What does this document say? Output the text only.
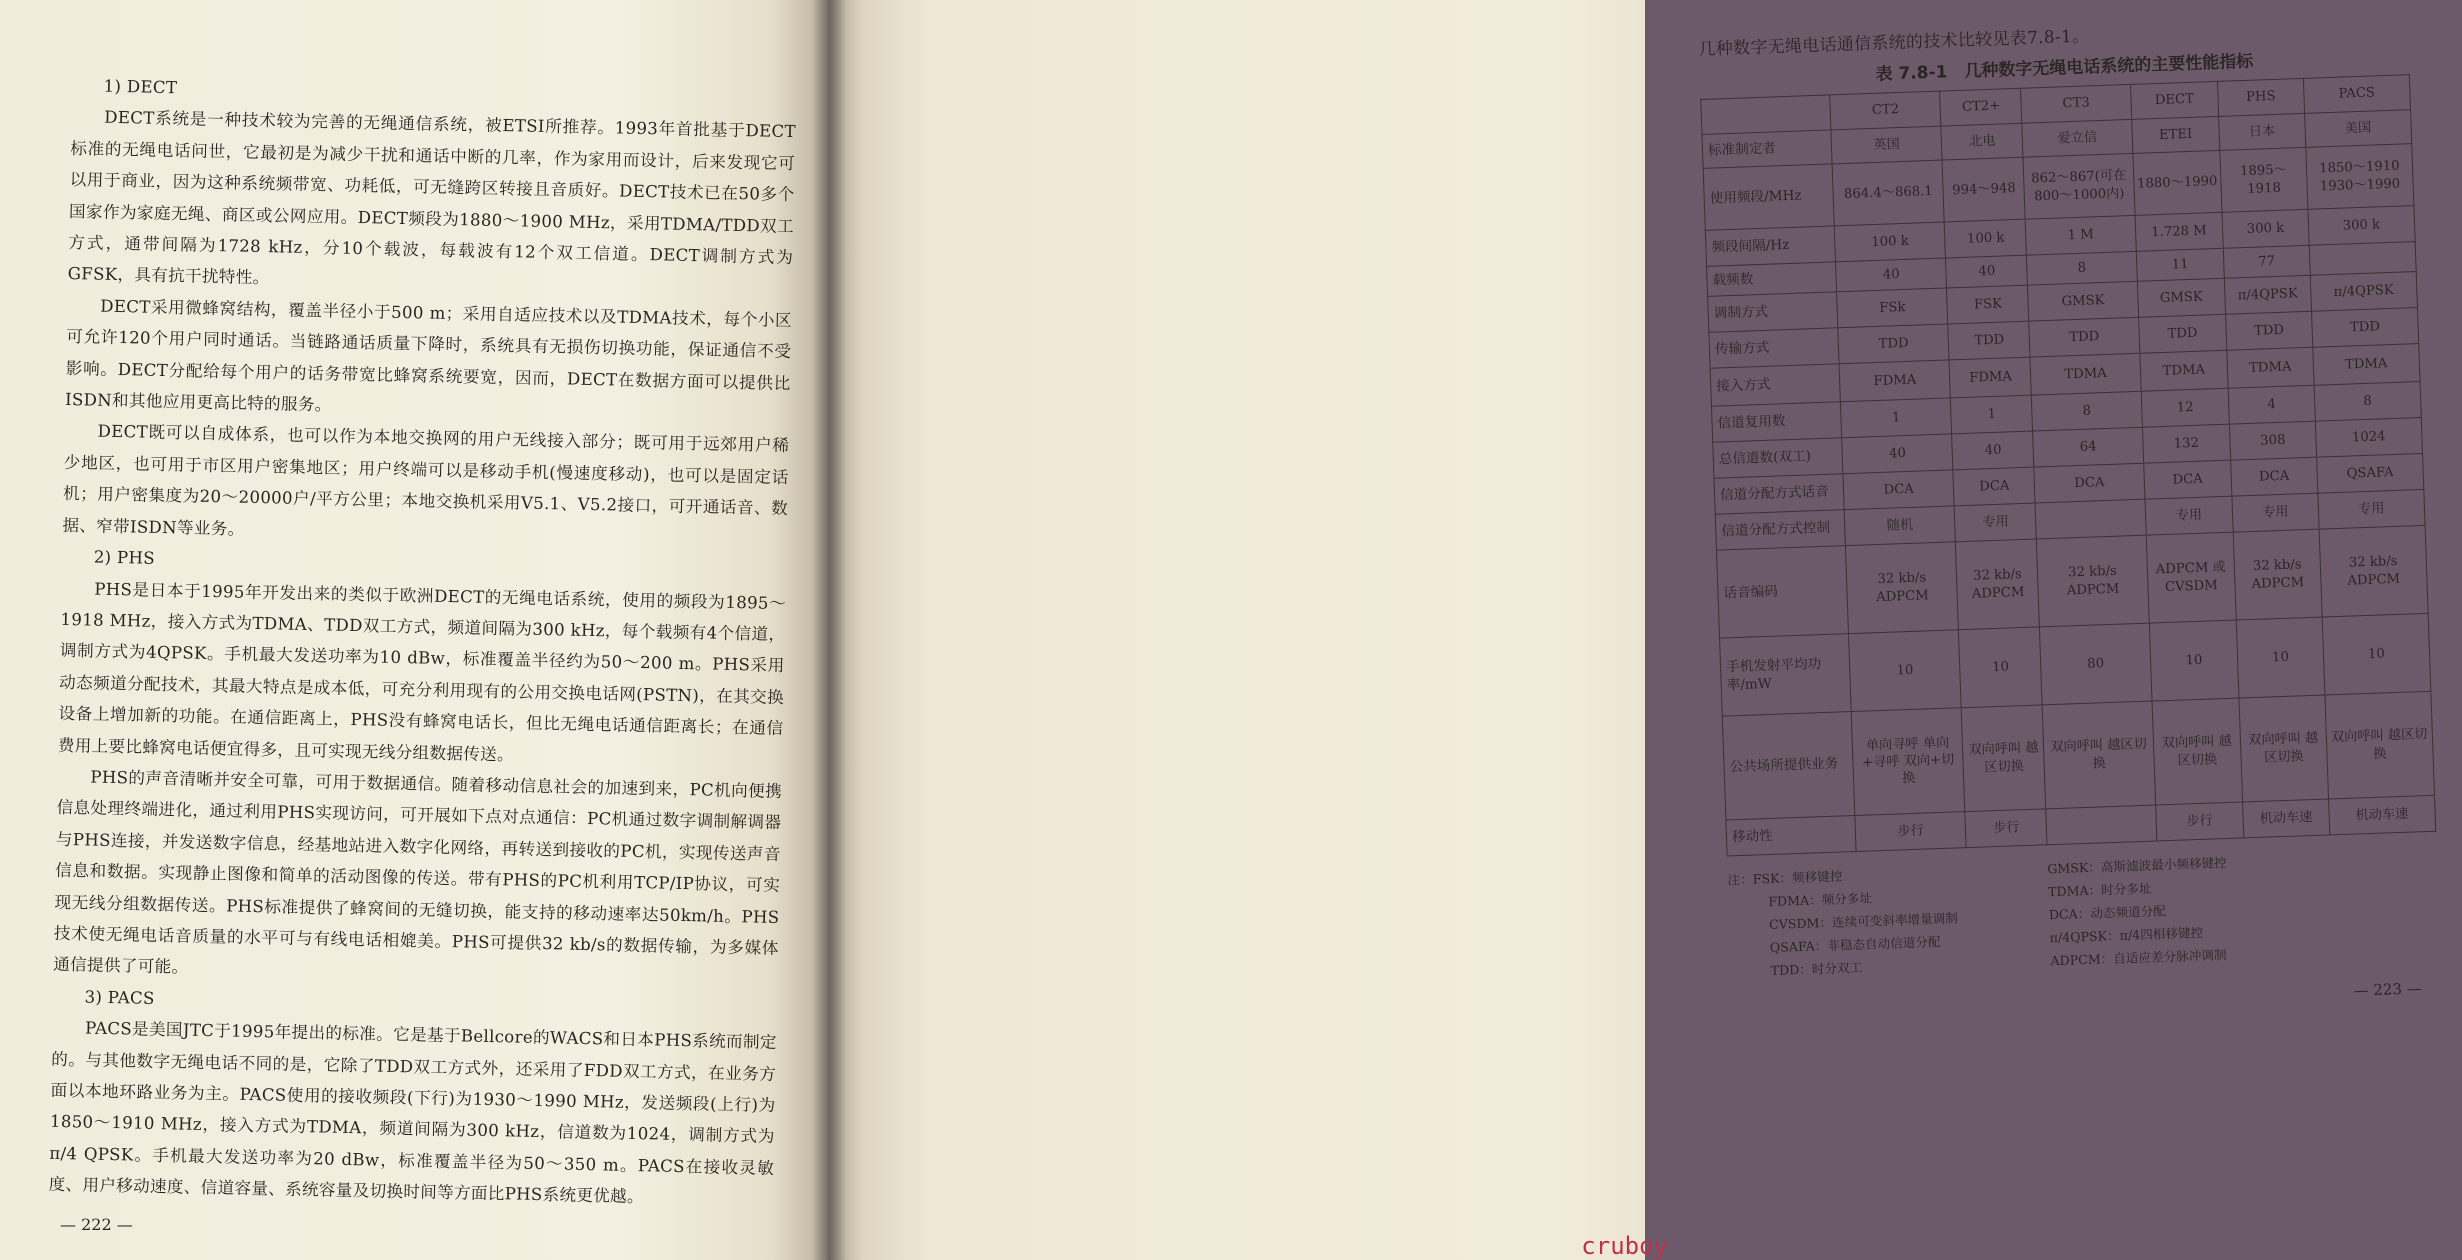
1) DECT

DECT系统是一种技术较为完善的无绳通信系统，被ETSI所推荐。1993年首批基于DECT标准的无绳电话问世，它最初是为减少干扰和通话中断的几率，作为家用而设计，后来发现它可以用于商业，因为这种系统频带宽、功耗低，可无缝跨区转接且音质好。DECT技术已在50多个国家作为家庭无绳、商区或公网应用。DECT频段为1880～1900 MHz，采用TDMA/TDD双工方式，通带间隔为1728 kHz，分10个载波，每载波有12个双工信道。DECT调制方式为GFSK，具有抗干扰特性。

DECT采用微蜂窝结构，覆盖半径小于500 m；采用自适应技术以及TDMA技术，每个小区可允许120个用户同时通话。当链路通话质量下降时，系统具有无损伤切换功能，保证通信不受影响。DECT分配给每个用户的话务带宽比蜂窝系统要宽，因而，DECT在数据方面可以提供比ISDN和其他应用更高比特的服务。

DECT既可以自成体系，也可以作为本地交换网的用户无线接入部分；既可用于远郊用户稀少地区，也可用于市区用户密集地区；用户终端可以是移动手机(慢速度移动)，也可以是固定话机；用户密集度为20～20000户/平方公里；本地交换机采用V5.1、V5.2接口，可开通话音、数据、窄带ISDN等业务。

2) PHS

PHS是日本于1995年开发出来的类似于欧洲DECT的无绳电话系统，使用的频段为1895～1918 MHz，接入方式为TDMA、TDD双工方式，频道间隔为300 kHz，每个载频有4个信道，调制方式为4QPSK。手机最大发送功率为10 dBw，标准覆盖半径约为50～200 m。PHS采用动态频道分配技术，其最大特点是成本低，可充分利用现有的公用交换电话网(PSTN)，在其交换设备上增加新的功能。在通信距离上，PHS没有蜂窝电话长，但比无绳电话通信距离长；在通信费用上要比蜂窝电话便宜得多，且可实现无线分组数据传送。

PHS的声音清晰并安全可靠，可用于数据通信。随着移动信息社会的加速到来，PC机向便携信息处理终端进化，通过利用PHS实现访问，可开展如下点对点通信：PC机通过数字调制解调器与PHS连接，并发送数字信息，经基地站进入数字化网络，再转送到接收的PC机，实现传送声音信息和数据。实现静止图像和简单的活动图像的传送。带有PHS的PC机利用TCP/IP协议，可实现无线分组数据传送。PHS标准提供了蜂窝间的无缝切换，能支持的移动速率达50km/h。PHS技术使无绳电话音质量的水平可与有线电话相媲美。PHS可提供32 kb/s的数据传输，为多媒体通信提供了可能。

3) PACS

PACS是美国JTC于1995年提出的标准。它是基于Bellcore的WACS和日本PHS系统而制定的。与其他数字无绳电话不同的是，它除了TDD双工方式外，还采用了FDD双工方式，在业务方面以本地环路业务为主。PACS使用的接收频段(下行)为1930～1990 MHz，发送频段(上行)为1850～1910 MHz，接入方式为TDMA，频道间隔为300 kHz，信道数为1024，调制方式为π/4 QPSK。手机最大发送功率为20 dBw，标准覆盖半径为50～350 m。PACS在接收灵敏度、用户移动速度、信道容量、系统容量及切换时间等方面比PHS系统更优越。

— 222 —

几种数字无绳电话通信系统的技术比较见表7.8-1。

表 7.8-1　几种数字无绳电话系统的主要性能指标

	CT2	CT2+	CT3	DECT	PHS	PACS
标准制定者	英国	北电	爱立信	ETEI	日本	美国
使用频段/MHz	864.4～868.1	994～948	862～867(可在800～1000内)	1880～1990	1895～1918	1850～1910 1930～1990
频段间隔/Hz	100 k	100 k	1 M	1.728 M	300 k	300 k
载频数	40	40	8	11	77	
调制方式	FSk	FSK	GMSK	GMSK	π/4QPSK	π/4QPSK
传输方式	TDD	TDD	TDD	TDD	TDD	TDD
接入方式	FDMA	FDMA	TDMA	TDMA	TDMA	TDMA
信道复用数	1	1	8	12	4	8
总信道数(双工)	40	40	64	132	308	1024
信道分配方式话音	DCA	DCA	DCA	DCA	DCA	QSAFA
信道分配方式控制	随机	专用		专用	专用	专用
话音编码	32 kb/s ADPCM	32 kb/s ADPCM	32 kb/s ADPCM	ADPCM 或 CVSDM	32 kb/s ADPCM	32 kb/s ADPCM
手机发射平均功率/mW	10	10	80	10	10	10
公共场所提供业务	单向寻呼 单向+寻呼 双向+切换	双向呼叫 越区切换	双向呼叫 越区切换	双向呼叫 越区切换	双向呼叫 越区切换	双向呼叫 越区切换
移动性	步行	步行		步行	机动车速	机动车速
注：FSK：频移键控
FDMA：频分多址
CVSDM：连续可变斜率增量调制
QSAFA：非稳态自动信道分配
TDD：时分双工
GMSK：高斯滤波最小频移键控
TDMA：时分多址
DCA：动态频道分配
π/4QPSK：π/4四相移键控
ADPCM：自适应差分脉冲调制
— 223 —
cruboy
